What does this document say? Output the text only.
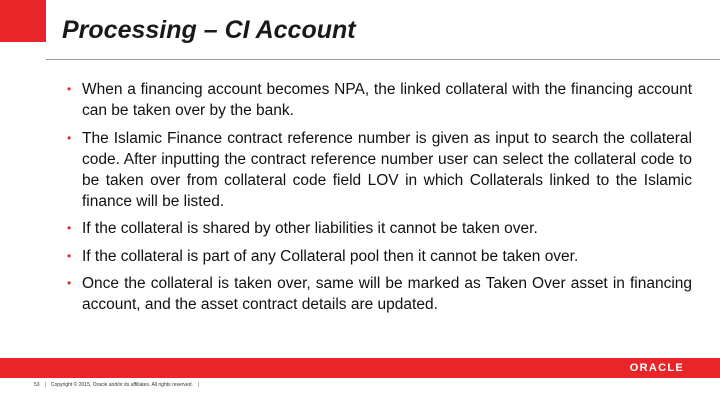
Processing – CI Account
• When a financing account becomes NPA, the linked collateral with the financing account can be taken over by the bank.
• The Islamic Finance contract reference number is given as input to search the collateral code. After inputting the contract reference number user can select the collateral code to be taken over from collateral code field LOV in which Collaterals linked to the Islamic finance will be listed.
• If the collateral is shared by other liabilities it cannot be taken over.
• If the collateral is part of any Collateral pool then it cannot be taken over.
• Once the collateral is taken over, same will be marked as Taken Over asset in financing account, and the asset contract details are updated.
ORACLE
53 | Copyright © 2015, Oracle and/or its affiliates. All rights reserved. |
